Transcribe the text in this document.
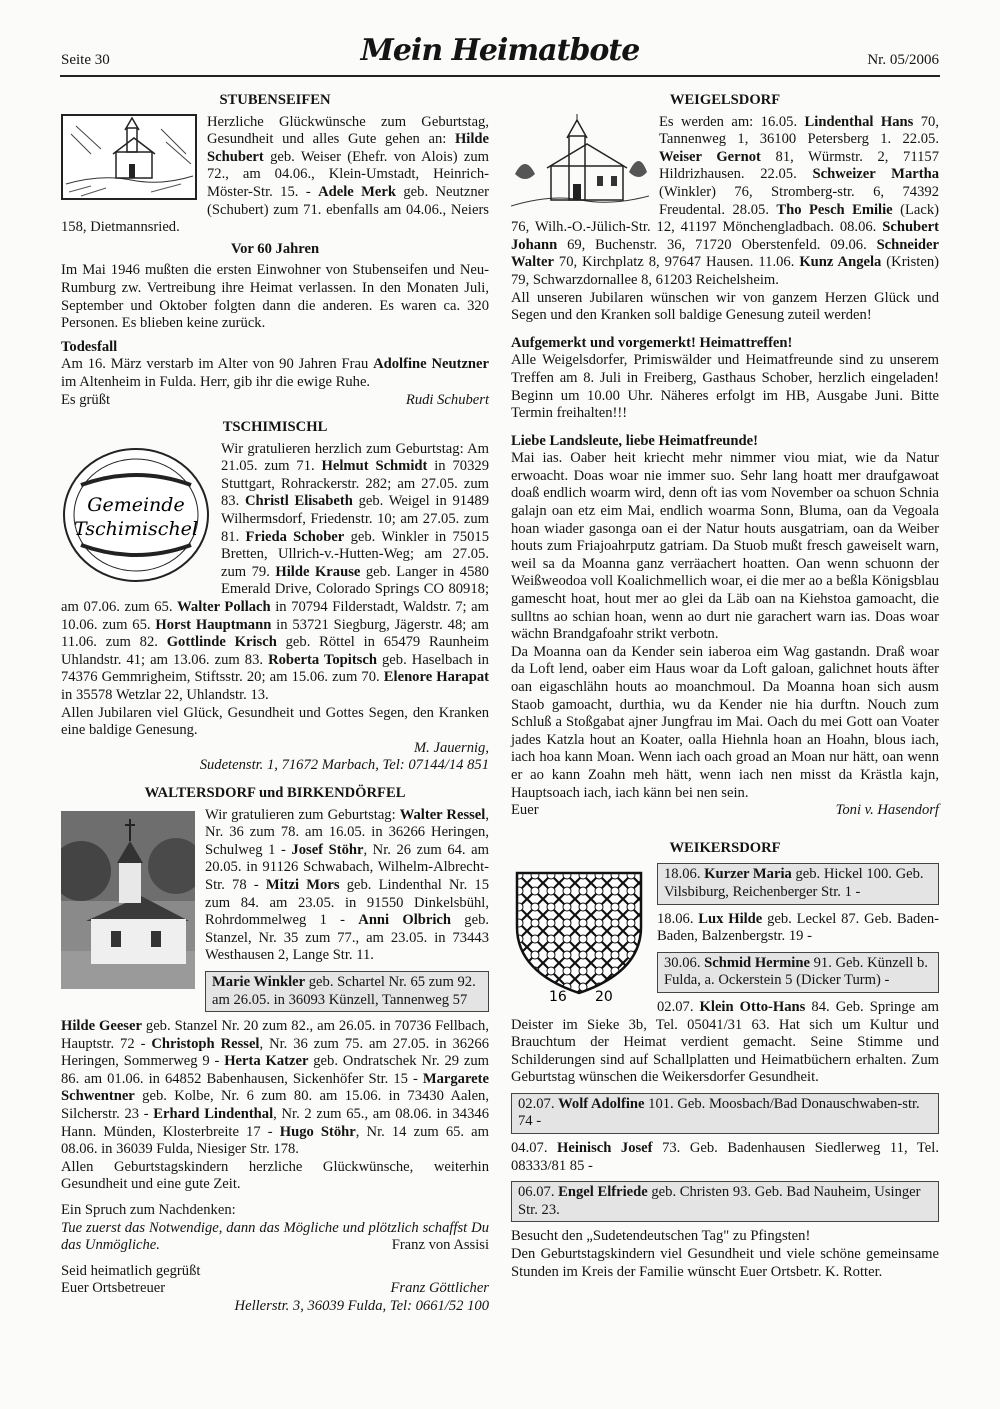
Seite 30	Mein Heimatbote	Nr. 05/2006
STUBENSEIFEN

Herzliche Glückwünsche zum Geburtstag, Gesundheit und alles Gute gehen an: Hilde Schubert geb. Weiser (Ehefr. von Alois) zum 72., am 04.06., Klein-Umstadt, Heinrich-Möster-Str. 15. - Adele Merk geb. Neutzner (Schubert) zum 71. ebenfalls am 04.06., Neiers 158, Dietmannsried.

Vor 60 Jahren

Im Mai 1946 mußten die ersten Einwohner von Stubenseifen und Neu-Rumburg zw. Vertreibung ihre Heimat verlassen. In den Monaten Juli, September und Oktober folgten dann die anderen. Es waren ca. 320 Personen. Es blieben keine zurück.

Todesfall

Am 16. März verstarb im Alter von 90 Jahren Frau Adolfine Neutzner im Altenheim in Fulda. Herr, gib ihr die ewige Ruhe.

Es grüßt	Rudi Schubert
TSCHIMISCHL
Gemeinde
Tschimischel

Wir gratulieren herzlich zum Geburtstag: Am 21.05. zum 71. Helmut Schmidt in 70329 Stuttgart, Rohrackerstr. 282; am 27.05. zum 83. Christl Elisabeth geb. Weigel in 91489 Wilhermsdorf, Friedenstr. 10; am 27.05. zum 81. Frieda Schober geb. Winkler in 75015 Bretten, Ullrich-v.-Hutten-Weg; am 27.05. zum 79. Hilde Krause geb. Langer in 4580 Emerald Drive, Colorado Springs CO 80918; am 07.06. zum 65. Walter Pollach in 70794 Filderstadt, Waldstr. 7; am 10.06. zum 65. Horst Hauptmann in 53721 Siegburg, Jägerstr. 48; am 11.06. zum 82. Gottlinde Krisch geb. Röttel in 65479 Raunheim Uhlandstr. 41; am 13.06. zum 83. Roberta Topitsch geb. Haselbach in 74376 Gemmrigheim, Stiftsstr. 20; am 15.06. zum 70. Elenore Harapat in 35578 Wetzlar 22, Uhlandstr. 13.

Allen Jubilaren viel Glück, Gesundheit und Gottes Segen, den Kranken eine baldige Genesung.

M. Jauernig,
Sudetenstr. 1, 71672 Marbach, Tel: 07144/14 851
WALTERSDORF und BIRKENDÖRFEL

Wir gratulieren zum Geburtstag: Walter Ressel, Nr. 36 zum 78. am 16.05. in 36266 Heringen, Schulweg 1 - Josef Stöhr, Nr. 26 zum 64. am 20.05. in 91126 Schwabach, Wilhelm-Albrecht-Str. 78 - Mitzi Mors geb. Lindenthal Nr. 15 zum 84. am 23.05. in 91550 Dinkelsbühl, Rohrdommelweg 1 - Anni Olbrich geb. Stanzel, Nr. 35 zum 77., am 23.05. in 73443 Westhausen 2, Lange Str. 11.

Marie Winkler geb. Schartel Nr. 65 zum 92. am 26.05. in 36093 Künzell, Tannenweg 57

Hilde Geeser geb. Stanzel Nr. 20 zum 82., am 26.05. in 70736 Fellbach, Hauptstr. 72 - Christoph Ressel, Nr. 36 zum 75. am 27.05. in 36266 Heringen, Sommerweg 9 - Herta Katzer geb. Ondratschek Nr. 29 zum 86. am 01.06. in 64852 Babenhausen, Sickenhöfer Str. 15 - Margarete Schwentner geb. Kolbe, Nr. 6 zum 80. am 15.06. in 73430 Aalen, Silcherstr. 23 - Erhard Lindenthal, Nr. 2 zum 65., am 08.06. in 34346 Hann. Münden, Klosterbreite 17 - Hugo Stöhr, Nr. 14 zum 65. am 08.06. in 36039 Fulda, Niesiger Str. 178.

Allen Geburtstagskindern herzliche Glückwünsche, weiterhin Gesundheit und eine gute Zeit.

Ein Spruch zum Nachdenken:

Tue zuerst das Notwendige, dann das Mögliche und plötzlich schaffst Du das Unmögliche.	Franz von Assisi

Seid heimatlich gegrüßt

Euer Ortsbetreuer	Franz Göttlicher
Hellerstr. 3, 36039 Fulda, Tel: 0661/52 100
WEIGELSDORF

Es werden am: 16.05. Lindenthal Hans 70, Tannenweg 1, 36100 Petersberg 1. 22.05. Weiser Gernot 81, Würmstr. 2, 71157 Hildrizhausen. 22.05. Schweizer Martha (Winkler) 76, Stromberg-str. 6, 74392 Freudental. 28.05. Tho Pesch Emilie (Lack) 76, Wilh.-O.-Jülich-Str. 12, 41197 Mönchengladbach. 08.06. Schubert Johann 69, Buchenstr. 36, 71720 Oberstenfeld. 09.06. Schneider Walter 70, Kirchplatz 8, 97647 Hausen. 11.06. Kunz Angela (Kristen) 79, Schwarzdornallee 8, 61203 Reichelsheim.

All unseren Jubilaren wünschen wir von ganzem Herzen Glück und Segen und den Kranken soll baldige Genesung zuteil werden!

Aufgemerkt und vorgemerkt! Heimattreffen!

Alle Weigelsdorfer, Primiswälder und Heimatfreunde sind zu unserem Treffen am 8. Juli in Freiberg, Gasthaus Schober, herzlich eingeladen! Beginn um 10.00 Uhr. Näheres erfolgt im HB, Ausgabe Juni. Bitte Termin freihalten!!!

Liebe Landsleute, liebe Heimatfreunde!

Mai ias. Oaber heit kriecht mehr nimmer viou miat, wie da Natur erwoacht. Doas woar nie immer suo. Sehr lang hoatt mer draufgawoat doaß endlich woarm wird, denn oft ias vom November oa schuon Schnia galajn oan etz eim Mai, endlich woarma Sonn, Bluma, oan da Vegoala hoan wiader gasonga oan ei der Natur houts ausgatriam, oan da Weiber houts zum Friajoahrputz gatriam. Da Stuob mußt fresch gaweiselt warn, weil sa da Moanna ganz verräachert hoatten. Oan wenn schuonn der Weißweodoa voll Koalichmellich woar, ei die mer ao a beßla Königsblau gamescht hoat, hout mer ao glei da Läb oan na Kiehstoa gamoacht, die sulltns ao schian hoan, wenn ao durt nie garachert warn ias. Doas woar wächn Brandgafoahr strikt verbotn.

Da Moanna oan da Kender sein iaberoa eim Wag gastandn. Draß woar da Loft lend, oaber eim Haus woar da Loft galoan, galichnet houts äfter oan eigaschlähn houts ao moanchmoul. Da Moanna hoan sich ausm Staob gamoacht, durthia, wu da Kender nie hia durftn. Nouch zum Schluß a Stoßgabat ajner Jungfrau im Mai. Oach du mei Gott oan Voater jades Katzla hout an Koater, oalla Hiehnla hoan an Hoahn, blous iach, iach hoa kann Moan. Wenn iach oach groad an Moan nur hätt, oan wenn er ao kann Zoahn meh hätt, wenn iach nen misst da Krästla kajn, Hauptsoach iach, iach känn bei nen sein.

Euer	Toni v. Hasendorf
WEIKERSDORF
16 20
18.06. Kurzer Maria geb. Hickel 100. Geb. Vilsbiburg, Reichenberger Str. 1 -

18.06. Lux Hilde geb. Leckel 87. Geb. Baden-Baden, Balzenbergstr. 19 -

30.06. Schmid Hermine 91. Geb. Künzell b. Fulda, a. Ockerstein 5 (Dicker Turm) -

02.07. Klein Otto-Hans 84. Geb. Springe am Deister im Sieke 3b, Tel. 05041/31 63. Hat sich um Kultur und Brauchtum der Heimat verdient gemacht. Seine Stimme und Schilderungen sind auf Schallplatten und Heimatbüchern erhalten. Zum Geburtstag wünschen die Weikersdorfer Gesundheit.

02.07. Wolf Adolfine 101. Geb. Moosbach/Bad Donauschwaben-str. 74 -

04.07. Heinisch Josef 73. Geb. Badenhausen Siedlerweg 11, Tel. 08333/81 85 -

06.07. Engel Elfriede geb. Christen 93. Geb. Bad Nauheim, Usinger Str. 23.

Besucht den „Sudetendeutschen Tag" zu Pfingsten!

Den Geburtstagskindern viel Gesundheit und viele schöne gemeinsame Stunden im Kreis der Familie wünscht Euer Ortsbetr. K. Rotter.
